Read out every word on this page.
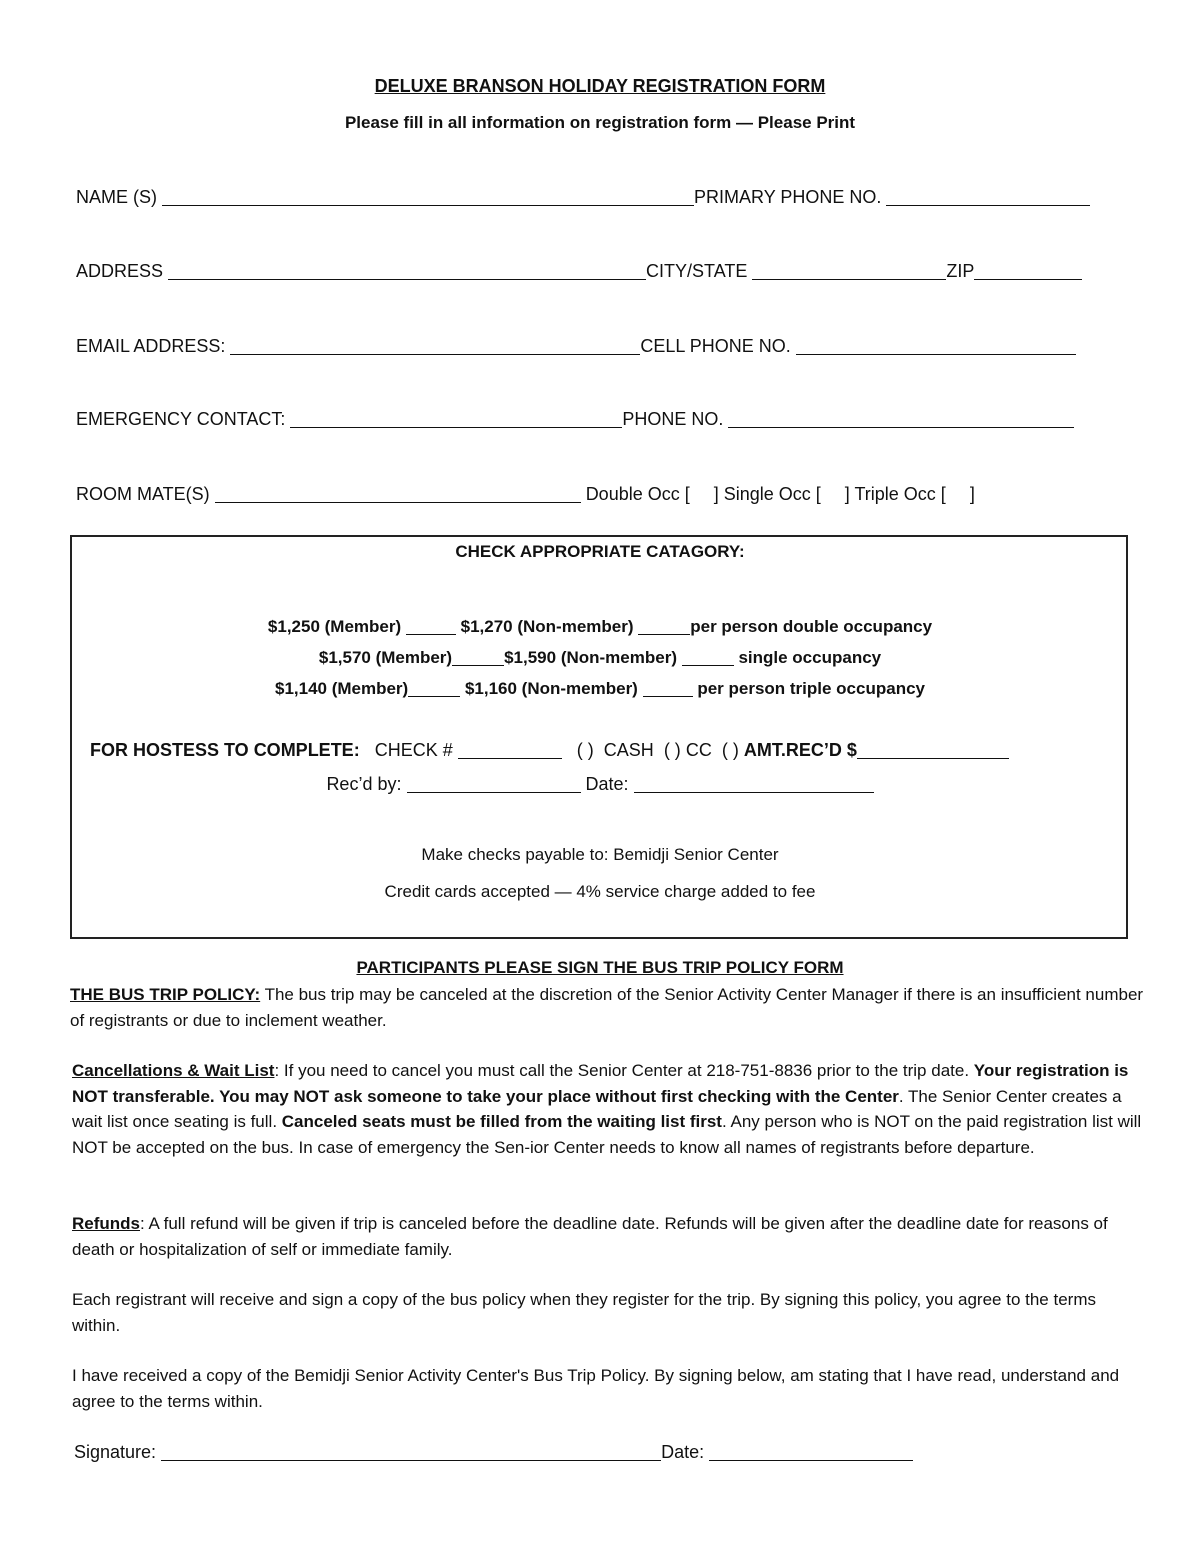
DELUXE BRANSON HOLIDAY REGISTRATION FORM
Please fill in all information on registration form — Please Print
NAME (S)	PRIMARY PHONE NO.
ADDRESS	CITY/STATE	ZIP
EMAIL ADDRESS:	CELL PHONE NO.
EMERGENCY CONTACT:	PHONE NO.
ROOM MATE(S)	Double Occ [ ] Single Occ [ ] Triple Occ [ ]
CHECK APPROPRIATE CATAGORY:
$1,250 (Member)	$1,270 (Non-member)	per person double occupancy
$1,570 (Member)	$1,590 (Non-member)	single occupancy
$1,140 (Member)	$1,160 (Non-member)	per person triple occupancy
FOR HOSTESS TO COMPLETE: CHECK #	( ) CASH ( ) CC ( ) AMT.REC’D $
Rec’d by:	Date:
Make checks payable to: Bemidji Senior Center
Credit cards accepted — 4% service charge added to fee
PARTICIPANTS PLEASE SIGN THE BUS TRIP POLICY FORM
THE BUS TRIP POLICY: The bus trip may be canceled at the discretion of the Senior Activity Center Manager if there is an insufficient number of registrants or due to inclement weather.
Cancellations & Wait List: If you need to cancel you must call the Senior Center at 218-751-8836 prior to the trip date. Your registration is NOT transferable. You may NOT ask someone to take your place without first checking with the Center. The Senior Center creates a wait list once seating is full. Canceled seats must be filled from the waiting list first. Any person who is NOT on the paid registration list will NOT be accepted on the bus. In case of emergency the Sen-ior Center needs to know all names of registrants before departure.
Refunds: A full refund will be given if trip is canceled before the deadline date. Refunds will be given after the deadline date for reasons of death or hospitalization of self or immediate family.
Each registrant will receive and sign a copy of the bus policy when they register for the trip. By signing this policy, you agree to the terms within.
I have received a copy of the Bemidji Senior Activity Center's Bus Trip Policy. By signing below, am stating that I have read, understand and agree to the terms within.
Signature:	Date:
